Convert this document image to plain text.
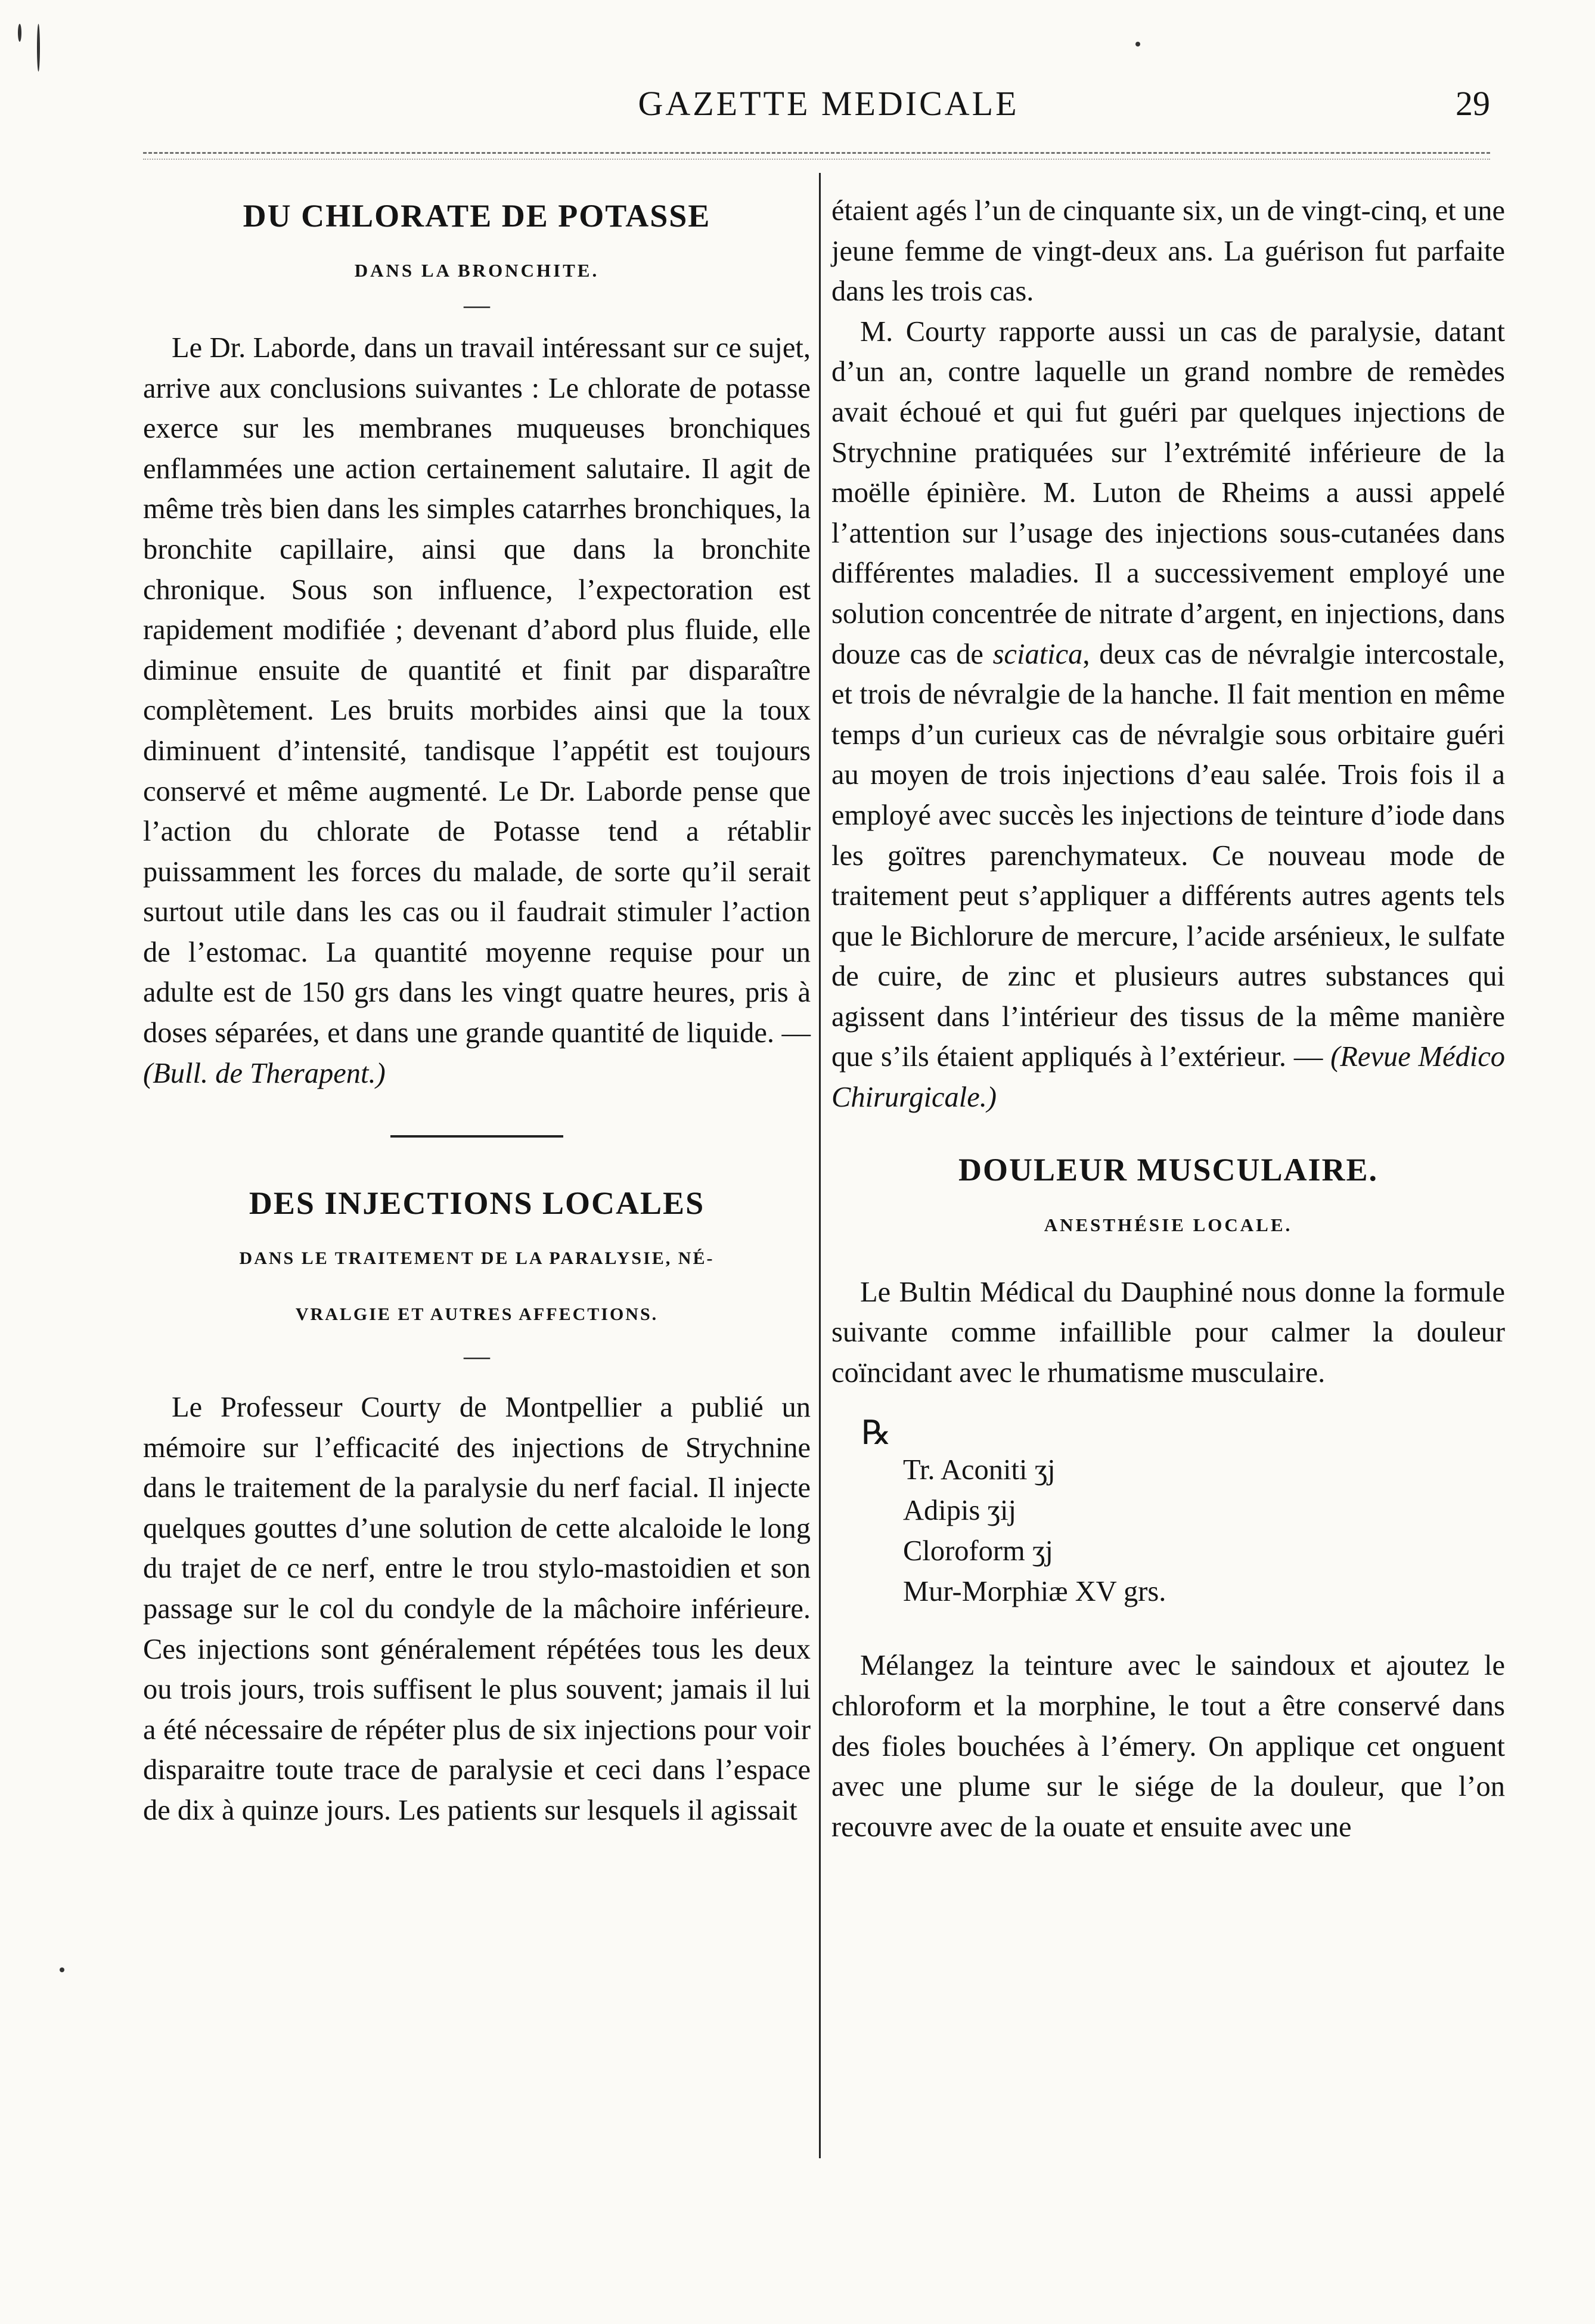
GAZETTE MEDICALE	29
DU CHLORATE DE POTASSE

DANS LA BRONCHITE.

—

Le Dr. Laborde, dans un travail intéressant sur ce sujet, arrive aux conclusions suivantes : Le chlorate de potasse exerce sur les membranes muqueuses bronchiques enflammées une action certainement salutaire. Il agit de même très bien dans les simples catarrhes bronchiques, la bronchite capillaire, ainsi que dans la bronchite chronique. Sous son influence, l’expectoration est rapidement modifiée ; devenant d’abord plus fluide, elle diminue ensuite de quantité et finit par disparaître complètement. Les bruits morbides ainsi que la toux diminuent d’intensité, tandisque l’appétit est toujours conservé et même augmenté. Le Dr. Laborde pense que l’action du chlorate de Potasse tend a rétablir puissamment les forces du malade, de sorte qu’il serait surtout utile dans les cas ou il faudrait stimuler l’action de l’estomac. La quantité moyenne requise pour un adulte est de 150 grs dans les vingt quatre heures, pris à doses séparées, et dans une grande quantité de liquide. — (Bull. de Therapent.)

DES INJECTIONS LOCALES

DANS LE TRAITEMENT DE LA PARALYSIE, NÉ-

VRALGIE ET AUTRES AFFECTIONS.

—

Le Professeur Courty de Montpellier a publié un mémoire sur l’efficacité des injections de Strychnine dans le traitement de la paralysie du nerf facial. Il injecte quelques gouttes d’une solution de cette alcaloide le long du trajet de ce nerf, entre le trou stylo-mastoidien et son passage sur le col du condyle de la mâchoire inférieure. Ces injections sont généralement répétées tous les deux ou trois jours, trois suffisent le plus souvent; jamais il lui a été nécessaire de répéter plus de six injections pour voir disparaitre toute trace de paralysie et ceci dans l’espace de dix à quinze jours. Les patients sur lesquels il agissait

étaient agés l’un de cinquante six, un de vingt-cinq, et une jeune femme de vingt-deux ans. La guérison fut parfaite dans les trois cas.

M. Courty rapporte aussi un cas de paralysie, datant d’un an, contre laquelle un grand nombre de remèdes avait échoué et qui fut guéri par quelques injections de Strychnine pratiquées sur l’extrémité inférieure de la moëlle épinière. M. Luton de Rheims a aussi appelé l’attention sur l’usage des injections sous-cutanées dans différentes maladies. Il a successivement employé une solution concentrée de nitrate d’argent, en injections, dans douze cas de sciatica, deux cas de névralgie intercostale, et trois de névralgie de la hanche. Il fait mention en même temps d’un curieux cas de névralgie sous orbitaire guéri au moyen de trois injections d’eau salée. Trois fois il a employé avec succès les injections de teinture d’iode dans les goïtres parenchymateux. Ce nouveau mode de traitement peut s’appliquer a différents autres agents tels que le Bichlorure de mercure, l’acide arsénieux, le sulfate de cuire, de zinc et plusieurs autres substances qui agissent dans l’intérieur des tissus de la même manière que s’ils étaient appliqués à l’extérieur. — (Revue Médico Chirurgicale.)

DOULEUR MUSCULAIRE.

ANESTHÉSIE LOCALE.

Le Bultin Médical du Dauphiné nous donne la formule suivante comme infaillible pour calmer la douleur coïncidant avec le rhumatisme musculaire.

℞

Tr. Aconiti ʒj

Adipis ʒij

Cloroform ʒj

Mur-Morphiæ XV grs.

Mélangez la teinture avec le saindoux et ajoutez le chloroform et la morphine, le tout a être conservé dans des fioles bouchées à l’émery. On applique cet onguent avec une plume sur le siége de la douleur, que l’on recouvre avec de la ouate et ensuite avec une
